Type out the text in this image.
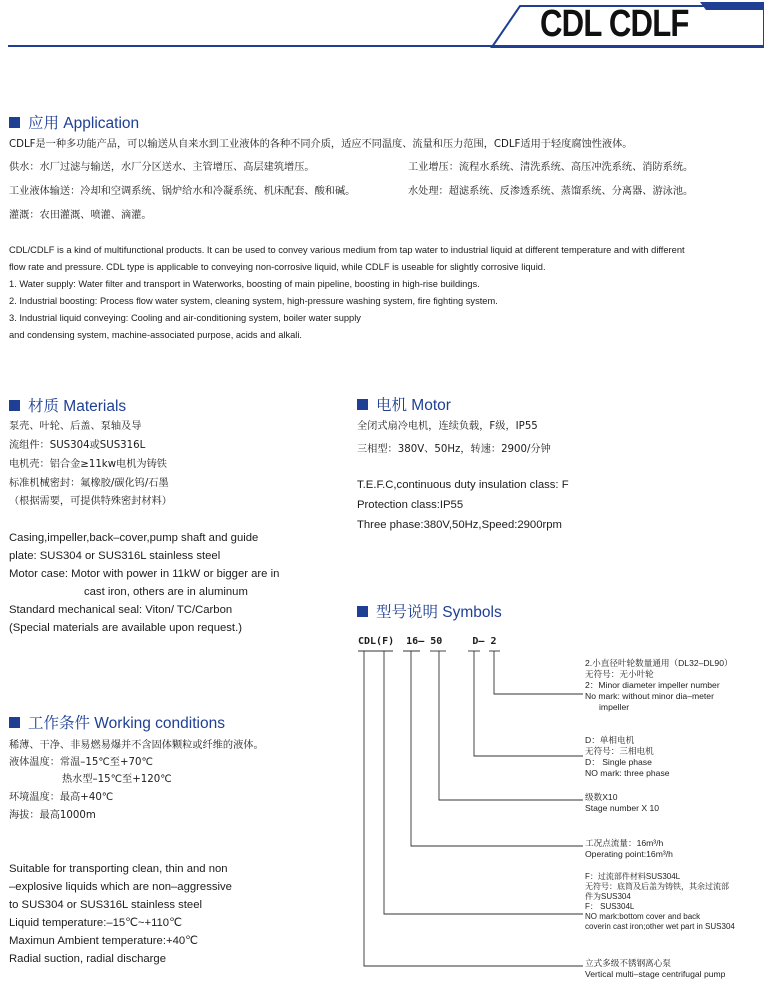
CDL CDLF
应用 Application
CDLF是一种多功能产品，可以输送从自来水到工业液体的各种不同介质，适应不同温度、流量和压力范围，CDLF适用于轻度腐蚀性液体。
供水：水厂过滤与输送，水厂分区送水、主管增压、高层建筑增压。	工业增压：流程水系统、清洗系统、高压冲洗系统、消防系统。
工业液体输送：冷却和空调系统、锅炉给水和冷凝系统、机床配套、酸和碱。	水处理：超滤系统、反渗透系统、蒸馏系统、分离器、游泳池。
灌溉：农田灌溉、喷灌、滴灌。
CDL/CDLF is a kind of multifunctional products. It can be used to convey various medium from tap water to industrial liquid at different temperature and with different
flow rate and pressure. CDL type is applicable to conveying non-corrosive liquid, while CDLF is useable for slightly corrosive liquid.
1. Water supply: Water filter and transport in Waterworks, boosting of main pipeline, boosting in high-rise buildings.
2. Industrial boosting: Process flow water system, cleaning system, high-pressure washing system, fire fighting system.
3. Industrial liquid conveying: Cooling and air-conditioning system, boiler water supply
and condensing system, machine-associated purpose, acids and alkali.
材质 Materials
泵壳、叶轮、后盖、泵轴及导
流组件：SUS304或SUS316L
电机壳：铝合金≥11kw电机为铸铁
标准机械密封：氟橡胶/碳化钨/石墨
（根据需要，可提供特殊密封材料）
Casing,impeller,back–cover,pump shaft and guide
plate: SUS304 or SUS316L stainless steel
Motor case: Motor with power in 11kW or bigger are in
cast iron, others are in aluminum
Standard mechanical seal: Viton/ TC/Carbon
(Special materials are available upon request.)
电机 Motor
全闭式扇冷电机，连续负载，F级，IP55
三相型：380V、50Hz，转速：2900/分钟
T.E.F.C,continuous duty insulation class: F
Protection class:IP55
Three phase:380V,50Hz,Speed:2900rpm
型号说明 Symbols
CDL(F)  16– 50     D– 2
2.小直径叶轮数量通用（DL32–DL90）
无符号：无小叶轮
2：Minor diameter impeller number
No mark: without minor dia–meter
impeller
D：单相电机
无符号：三相电机
D： Single phase
NO mark: three phase
级数X10
Stage number X 10
工况点流量：16m³/h
Operating point:16m³/h
F：过流部件材料SUS304L
无符号：底筒及后盖为铸铁，其余过流部
件为SUS304
F： SUS304L
NO mark:bottom cover and back
coverin cast iron;other wet part in SUS304
立式多级不锈钢离心泵
Vertical multi–stage centrifugal pump
工作条件 Working conditions
稀薄、干净、非易燃易爆并不含固体颗粒或纤维的液体。
液体温度：常温–15℃至+70℃
热水型–15℃至+120℃
环境温度：最高+40℃
海拔：最高1000m
Suitable for transporting clean, thin and non
–explosive liquids which are non–aggressive
to SUS304 or SUS316L stainless steel
Liquid temperature:–15℃~+110℃
Maximun Ambient temperature:+40℃
Radial suction, radial discharge
